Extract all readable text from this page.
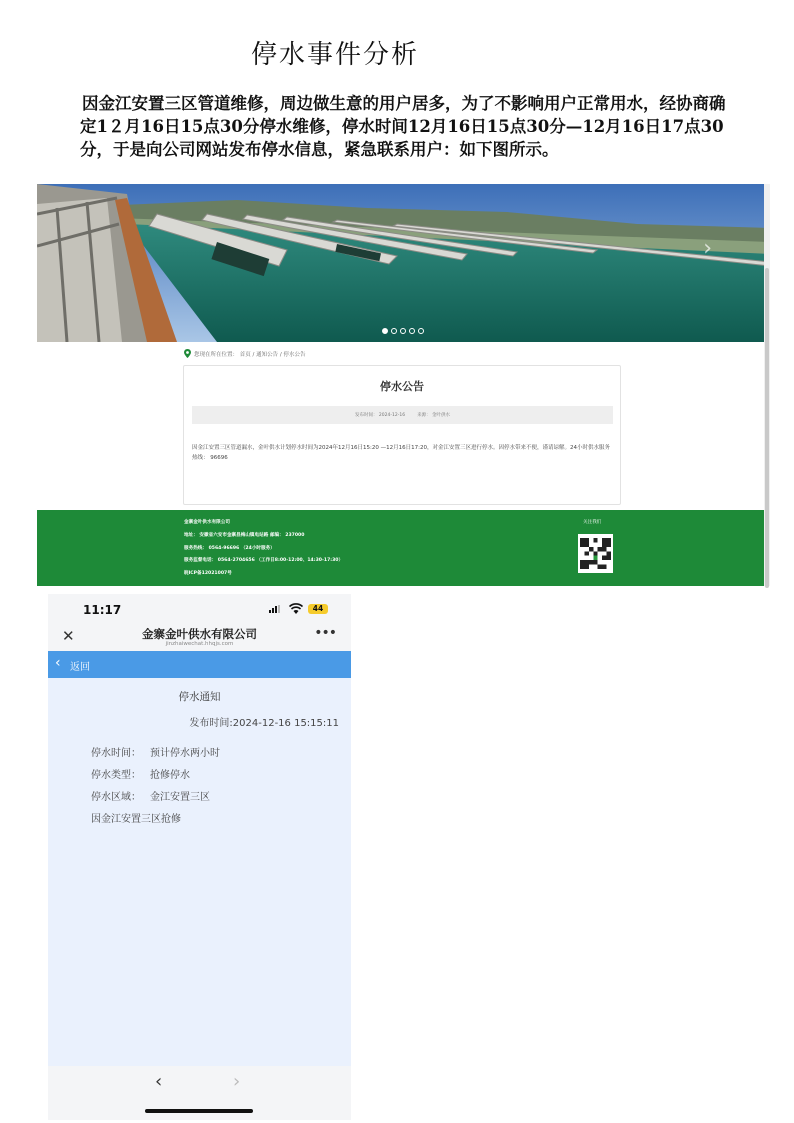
停水事件分析
因金江安置三区管道维修，周边做生意的用户居多，为了不影响用户正常用水，经协商确定1２月16日15点30分停水维修，停水时间12月16日15点30分—12月16日17点30分，于是向公司网站发布停水信息，紧急联系用户：如下图所示。
›
您现在所在位置： 首页 / 通知公告 / 停水公告
停水公告
发布时间： 2024-12-16	来源： 金叶供水
因金江安置三区管道漏水，金叶供水计划停水时间为2024年12月16日15:20 —12月16日17:20，对金江安置三区进行停水。因停水带来不便，谨请谅解。24小时供水服务热线： 96696
金寨金叶供水有限公司
地址： 安徽省六安市金寨县梅山镇电站路 邮编： 237000
服务热线： 0564-96696 （24小时服务）
服务监督电话： 0564-2704656 （工作日8:00-12:00、14:30-17:30）
皖ICP备12021007号
关注我们
11:17	44
✕	金寨金叶供水有限公司
jinzhaiwechat.hhqjs.com
•••
‹ 返回
停水通知
发布时间:2024-12-16 15:15:11
停水时间： 预计停水两小时
停水类型： 抢修停水
停水区域： 金江安置三区
因金江安置三区抢修
‹	›
